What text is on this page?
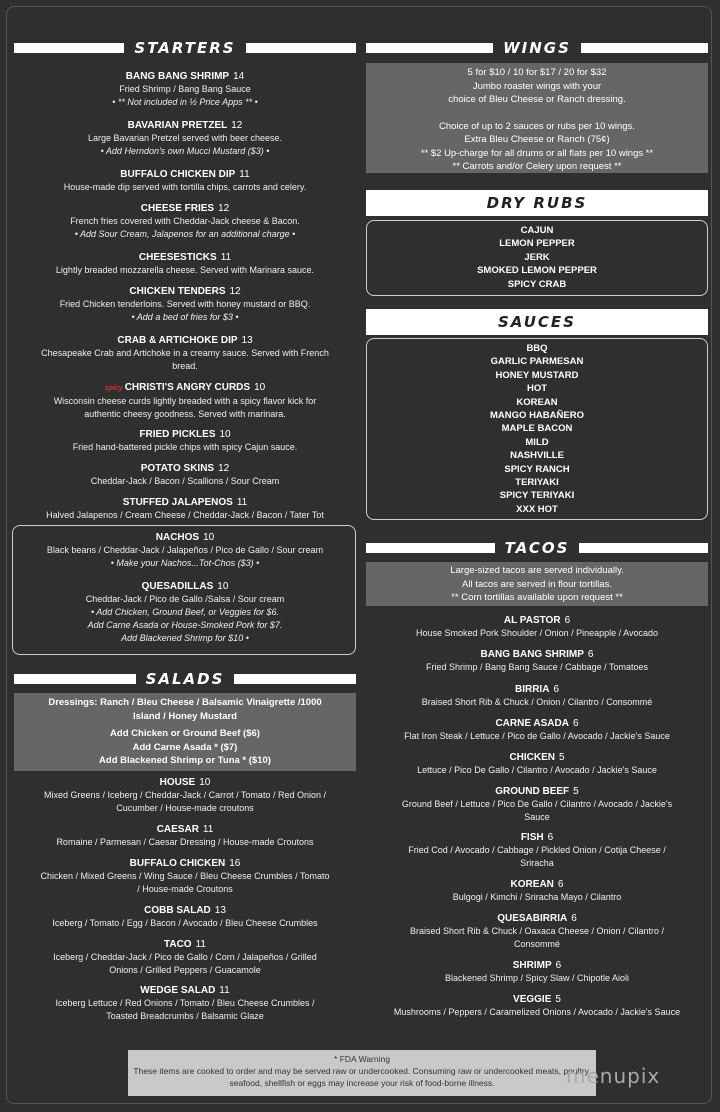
STARTERS
BANG BANG SHRIMP 14
Fried Shrimp / Bang Bang Sauce
• ** Not included in ½ Price Apps ** •
BAVARIAN PRETZEL 12
Large Bavarian Pretzel served with beer cheese.
• Add Herndon's own Mucci Mustard ($3) •
BUFFALO CHICKEN DIP 11
House-made dip served with tortilla chips, carrots and celery.
CHEESE FRIES 12
French fries covered with Cheddar-Jack cheese & Bacon.
• Add Sour Cream, Jalapenos for an additional charge •
CHEESESTICKS 11
Lightly breaded mozzarella cheese. Served with Marinara sauce.
CHICKEN TENDERS 12
Fried Chicken tenderloins. Served with honey mustard or BBQ.
• Add a bed of fries for $3 •
CRAB & ARTICHOKE DIP 13
Chesapeake Crab and Artichoke in a creamy sauce. Served with French
bread.
spicy CHRISTI'S ANGRY CURDS 10
Wisconsin cheese curds lightly breaded with a spicy flavor kick for
authentic cheesy goodness. Served with marinara.
FRIED PICKLES 10
Fried hand-battered pickle chips with spicy Cajun sauce.
POTATO SKINS 12
Cheddar-Jack / Bacon / Scallions / Sour Cream
STUFFED JALAPENOS 11
Halved Jalapenos / Cream Cheese / Cheddar-Jack / Bacon / Tater Tot
NACHOS 10
Black beans / Cheddar-Jack / Jalapeños / Pico de Gallo / Sour cream
• Make your Nachos...Tot-Chos ($3) •
QUESADILLAS 10
Cheddar-Jack / Pico de Gallo /Salsa / Sour cream
• Add Chicken, Ground Beef, or Veggies for $6.
Add Carne Asada or House-Smoked Pork for $7.
Add Blackened Shrimp for $10 •
SALADS
Dressings: Ranch / Bleu Cheese / Balsamic Vinaigrette /1000
Island / Honey Mustard
Add Chicken or Ground Beef ($6)
Add Carne Asada * ($7)
Add Blackened Shrimp or Tuna * ($10)
HOUSE 10
Mixed Greens / Iceberg / Cheddar-Jack / Carrot / Tomato / Red Onion /
Cucumber / House-made croutons
CAESAR 11
Romaine / Parmesan / Caesar Dressing / House-made Croutons
BUFFALO CHICKEN 16
Chicken / Mixed Greens / Wing Sauce / Bleu Cheese Crumbles / Tomato
/ House-made Croutons
COBB SALAD 13
Iceberg / Tomato / Egg / Bacon / Avocado / Bleu Cheese Crumbles
TACO 11
Iceberg / Cheddar-Jack / Pico de Gallo / Corn / Jalapeños / Grilled
Onions / Grilled Peppers / Guacamole
WEDGE SALAD 11
Iceberg Lettuce / Red Onions / Tomato / Bleu Cheese Crumbles /
Toasted Breadcrumbs / Balsamic Glaze
WINGS
5 for $10 / 10 for $17 / 20 for $32
Jumbo roaster wings with your
choice of Bleu Cheese or Ranch dressing.
Choice of up to 2 sauces or rubs per 10 wings.
Extra Bleu Cheese or Ranch (75¢)
** $2 Up-charge for all drums or all flats per 10 wings **
** Carrots and/or Celery upon request **
DRY RUBS
CAJUN
LEMON PEPPER
JERK
SMOKED LEMON PEPPER
SPICY CRAB
SAUCES
BBQ
GARLIC PARMESAN
HONEY MUSTARD
HOT
KOREAN
MANGO HABAÑERO
MAPLE BACON
MILD
NASHVILLE
SPICY RANCH
TERIYAKI
SPICY TERIYAKI
XXX HOT
TACOS
Large-sized tacos are served individually.
All tacos are served in flour tortillas.
** Corn tortillas available upon request **
AL PASTOR 6
House Smoked Pork Shoulder / Onion / Pineapple / Avocado
BANG BANG SHRIMP 6
Fried Shrimp / Bang Bang Sauce / Cabbage / Tomatoes
BIRRIA 6
Braised Short Rib & Chuck / Onion / Cilantro / Consommé
CARNE ASADA 6
Flat Iron Steak / Lettuce / Pico de Gallo / Avocado / Jackie's Sauce
CHICKEN 5
Lettuce / Pico De Gallo / Cilantro / Avocado / Jackie's Sauce
GROUND BEEF 5
Ground Beef / Lettuce / Pico De Gallo / Cilantro / Avocado / Jackie's
Sauce
FISH 6
Fried Cod / Avocado / Cabbage / Pickled Onion / Cotija Cheese /
Sriracha
KOREAN 6
Bulgogi / Kimchi / Sriracha Mayo / Cilantro
QUESABIRRIA 6
Braised Short Rib & Chuck / Oaxaca Cheese / Onion / Cilantro /
Consommé
SHRIMP 6
Blackened Shrimp / Spicy Slaw / Chipotle Aioli
VEGGIE 5
Mushrooms / Peppers / Caramelized Onions / Avocado / Jackie's Sauce
* FDA Warning
These items are cooked to order and may be served raw or undercooked. Consuming raw or undercooked meats, poultry,
seafood, shellfish or eggs may increase your risk of food-borne illness.	menupix
